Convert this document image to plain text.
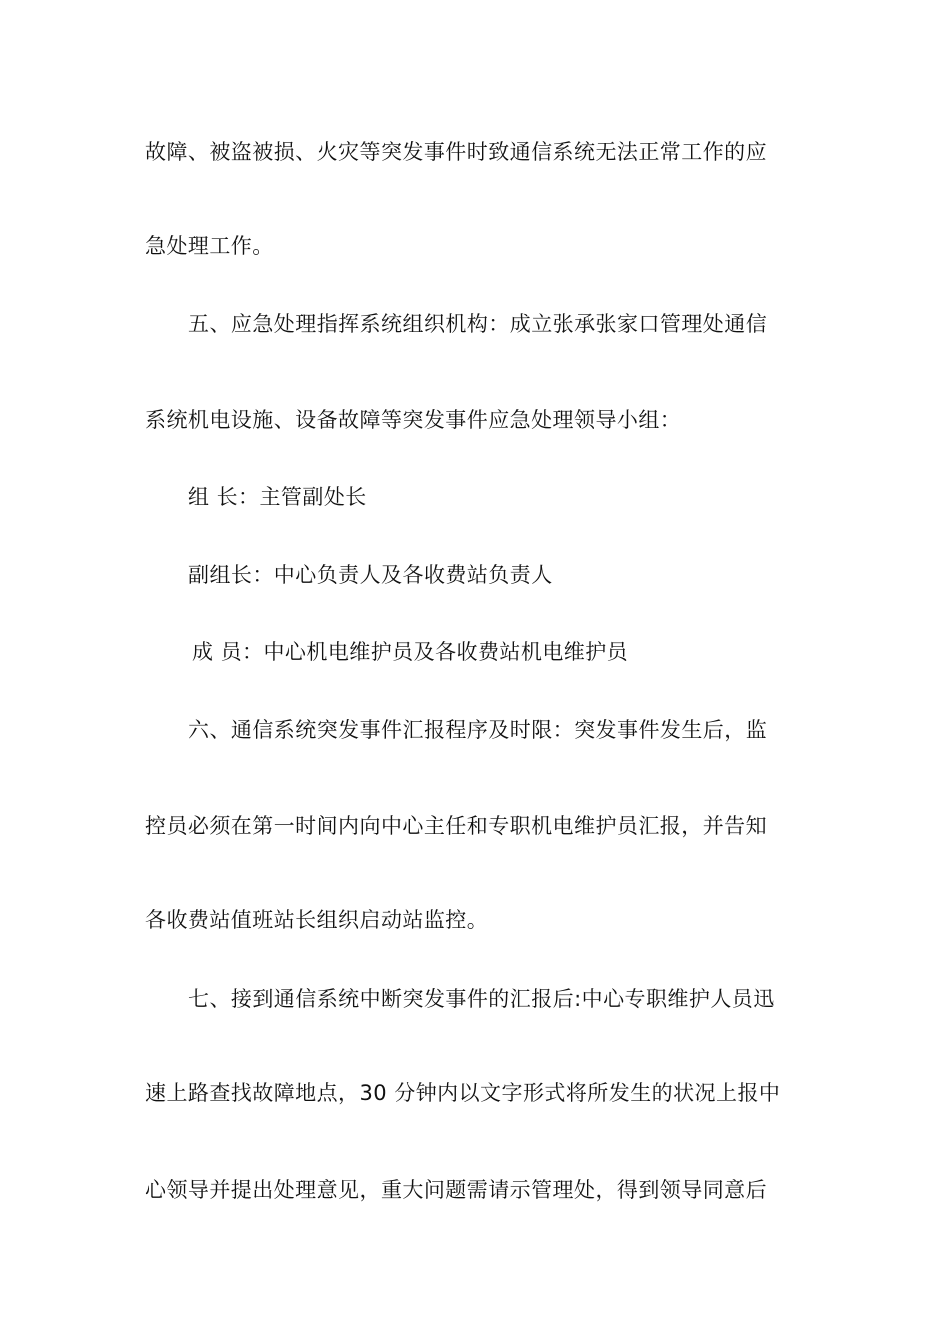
故障、被盗被损、火灾等突发事件时致通信系统无法正常工作的应
急处理工作。
五、应急处理指挥系统组织机构：成立张承张家口管理处通信
系统机电设施、设备故障等突发事件应急处理领导小组：
组 长：主管副处长
副组长：中心负责人及各收费站负责人
成 员：中心机电维护员及各收费站机电维护员
六、通信系统突发事件汇报程序及时限：突发事件发生后，监
控员必须在第一时间内向中心主任和专职机电维护员汇报，并告知
各收费站值班站长组织启动站监控。
七、接到通信系统中断突发事件的汇报后:中心专职维护人员迅
速上路查找故障地点，30 分钟内以文字形式将所发生的状况上报中
心领导并提出处理意见，重大问题需请示管理处，得到领导同意后
